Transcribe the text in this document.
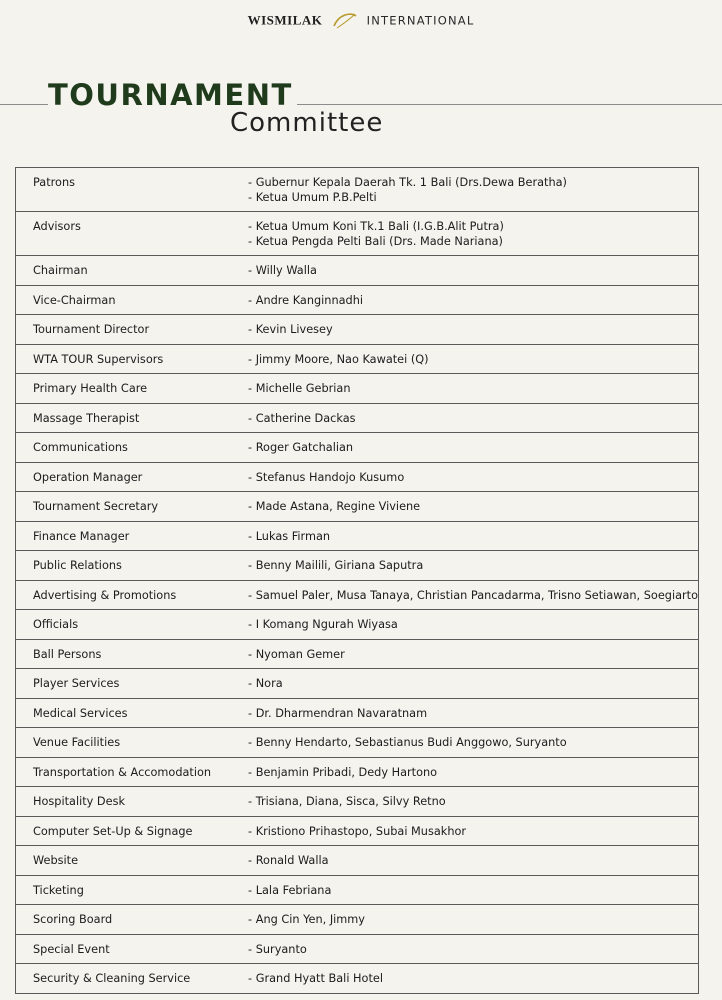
WISMILAK	INTERNATIONAL
TOURNAMENT
Committee
Patrons	- Gubernur Kepala Daerah Tk. 1 Bali (Drs.Dewa Beratha)
- Ketua Umum P.B.Pelti

Advisors	- Ketua Umum Koni Tk.1 Bali (I.G.B.Alit Putra)
- Ketua Pengda Pelti Bali (Drs. Made Nariana)

Chairman	- Willy Walla

Vice-Chairman	- Andre Kanginnadhi

Tournament Director	- Kevin Livesey

WTA TOUR Supervisors	- Jimmy Moore, Nao Kawatei (Q)

Primary Health Care	- Michelle Gebrian

Massage Therapist	- Catherine Dackas

Communications	- Roger Gatchalian

Operation Manager	- Stefanus Handojo Kusumo

Tournament Secretary	- Made Astana, Regine Viviene

Finance Manager	- Lukas Firman

Public Relations	- Benny Mailili, Giriana Saputra

Advertising & Promotions	- Samuel Paler, Musa Tanaya, Christian Pancadarma, Trisno Setiawan, Soegiarto

Officials	- I Komang Ngurah Wiyasa

Ball Persons	- Nyoman Gemer

Player Services	- Nora

Medical Services	- Dr. Dharmendran Navaratnam

Venue Facilities	- Benny Hendarto, Sebastianus Budi Anggowo, Suryanto

Transportation & Accomodation	- Benjamin Pribadi, Dedy Hartono

Hospitality Desk	- Trisiana, Diana, Sisca, Silvy Retno

Computer Set-Up & Signage	- Kristiono Prihastopo, Subai Musakhor

Website	- Ronald Walla

Ticketing	- Lala Febriana

Scoring Board	- Ang Cin Yen, Jimmy

Special Event	- Suryanto

Security & Cleaning Service	- Grand Hyatt Bali Hotel
